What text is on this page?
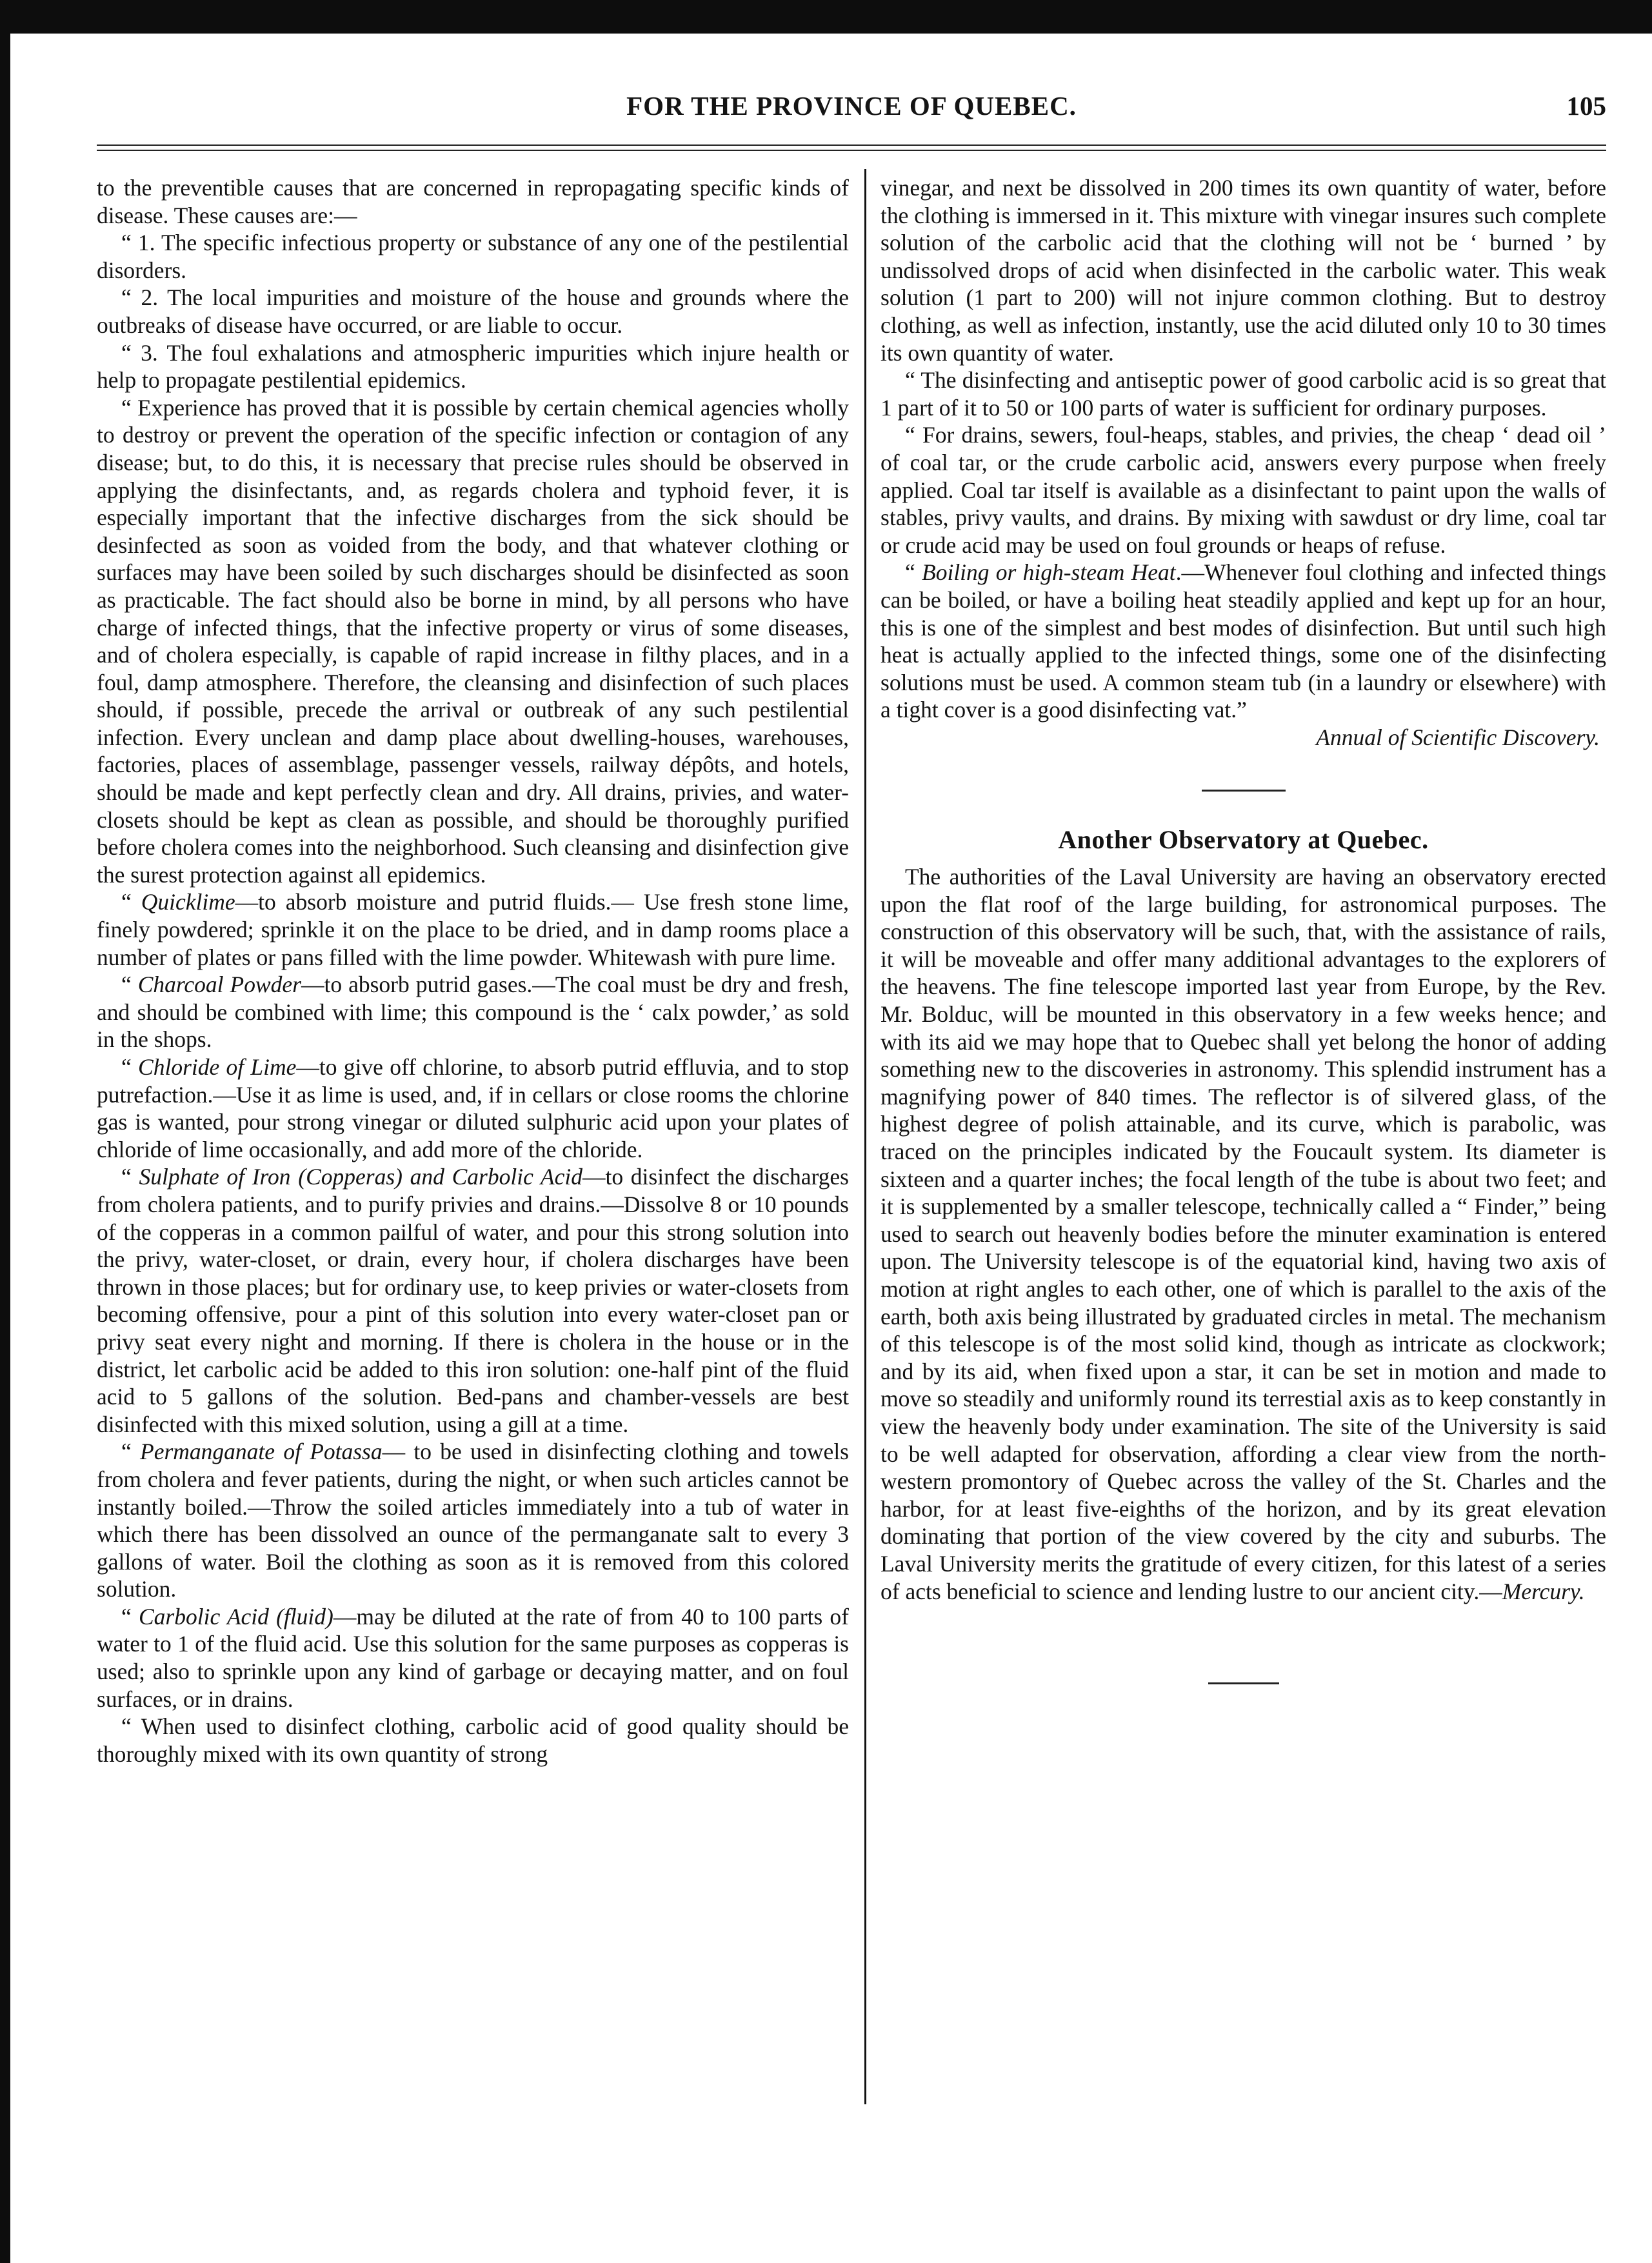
FOR THE PROVINCE OF QUEBEC.	105

to the preventible causes that are concerned in repropagating specific kinds of disease. These causes are:—

“ 1. The specific infectious property or substance of any one of the pestilential disorders.

“ 2. The local impurities and moisture of the house and grounds where the outbreaks of disease have occurred, or are liable to occur.

“ 3. The foul exhalations and atmospheric impurities which injure health or help to propagate pestilential epidemics.

“ Experience has proved that it is possible by certain chemical agencies wholly to destroy or prevent the operation of the specific infection or contagion of any disease; but, to do this, it is necessary that precise rules should be observed in applying the disinfectants, and, as regards cholera and typhoid fever, it is especially important that the infective discharges from the sick should be desinfected as soon as voided from the body, and that whatever clothing or surfaces may have been soiled by such discharges should be disinfected as soon as practicable. The fact should also be borne in mind, by all persons who have charge of infected things, that the infective property or virus of some diseases, and of cholera especially, is capable of rapid increase in filthy places, and in a foul, damp atmosphere. Therefore, the cleansing and disinfection of such places should, if possible, precede the arrival or outbreak of any such pestilential infection. Every unclean and damp place about dwelling-houses, warehouses, factories, places of assemblage, passenger vessels, railway dépôts, and hotels, should be made and kept perfectly clean and dry. All drains, privies, and water-closets should be kept as clean as possible, and should be thoroughly purified before cholera comes into the neighborhood. Such cleansing and disinfection give the surest protection against all epidemics.

“ Quicklime—to absorb moisture and putrid fluids.— Use fresh stone lime, finely powdered; sprinkle it on the place to be dried, and in damp rooms place a number of plates or pans filled with the lime powder. Whitewash with pure lime.

“ Charcoal Powder—to absorb putrid gases.—The coal must be dry and fresh, and should be combined with lime; this compound is the ‘ calx powder,’ as sold in the shops.

“ Chloride of Lime—to give off chlorine, to absorb putrid effluvia, and to stop putrefaction.—Use it as lime is used, and, if in cellars or close rooms the chlorine gas is wanted, pour strong vinegar or diluted sulphuric acid upon your plates of chloride of lime occasionally, and add more of the chloride.

“ Sulphate of Iron (Copperas) and Carbolic Acid—to disinfect the discharges from cholera patients, and to purify privies and drains.—Dissolve 8 or 10 pounds of the copperas in a common pailful of water, and pour this strong solution into the privy, water-closet, or drain, every hour, if cholera discharges have been thrown in those places; but for ordinary use, to keep privies or water-closets from becoming offensive, pour a pint of this solution into every water-closet pan or privy seat every night and morning. If there is cholera in the house or in the district, let carbolic acid be added to this iron solution: one-half pint of the fluid acid to 5 gallons of the solution. Bed-pans and chamber-vessels are best disinfected with this mixed solution, using a gill at a time.

“ Permanganate of Potassa— to be used in disinfecting clothing and towels from cholera and fever patients, during the night, or when such articles cannot be instantly boiled.—Throw the soiled articles immediately into a tub of water in which there has been dissolved an ounce of the permanganate salt to every 3 gallons of water. Boil the clothing as soon as it is removed from this colored solution.

“ Carbolic Acid (fluid)—may be diluted at the rate of from 40 to 100 parts of water to 1 of the fluid acid. Use this solution for the same purposes as copperas is used; also to sprinkle upon any kind of garbage or decaying matter, and on foul surfaces, or in drains.

“ When used to disinfect clothing, carbolic acid of good quality should be thoroughly mixed with its own quantity of strong

vinegar, and next be dissolved in 200 times its own quantity of water, before the clothing is immersed in it. This mixture with vinegar insures such complete solution of the carbolic acid that the clothing will not be ‘ burned ’ by undissolved drops of acid when disinfected in the carbolic water. This weak solution (1 part to 200) will not injure common clothing. But to destroy clothing, as well as infection, instantly, use the acid diluted only 10 to 30 times its own quantity of water.

“ The disinfecting and antiseptic power of good carbolic acid is so great that 1 part of it to 50 or 100 parts of water is sufficient for ordinary purposes.

“ For drains, sewers, foul-heaps, stables, and privies, the cheap ‘ dead oil ’ of coal tar, or the crude carbolic acid, answers every purpose when freely applied. Coal tar itself is available as a disinfectant to paint upon the walls of stables, privy vaults, and drains. By mixing with sawdust or dry lime, coal tar or crude acid may be used on foul grounds or heaps of refuse.

“ Boiling or high-steam Heat.—Whenever foul clothing and infected things can be boiled, or have a boiling heat steadily applied and kept up for an hour, this is one of the simplest and best modes of disinfection. But until such high heat is actually applied to the infected things, some one of the disinfecting solutions must be used. A common steam tub (in a laundry or elsewhere) with a tight cover is a good disinfecting vat.”

Annual of Scientific Discovery.

Another Observatory at Quebec.

The authorities of the Laval University are having an observatory erected upon the flat roof of the large building, for astronomical purposes. The construction of this observatory will be such, that, with the assistance of rails, it will be moveable and offer many additional advantages to the explorers of the heavens. The fine telescope imported last year from Europe, by the Rev. Mr. Bolduc, will be mounted in this observatory in a few weeks hence; and with its aid we may hope that to Quebec shall yet belong the honor of adding something new to the discoveries in astronomy. This splendid instrument has a magnifying power of 840 times. The reflector is of silvered glass, of the highest degree of polish attainable, and its curve, which is parabolic, was traced on the principles indicated by the Foucault system. Its diameter is sixteen and a quarter inches; the focal length of the tube is about two feet; and it is supplemented by a smaller telescope, technically called a “ Finder,” being used to search out heavenly bodies before the minuter examination is entered upon. The University telescope is of the equatorial kind, having two axis of motion at right angles to each other, one of which is parallel to the axis of the earth, both axis being illustrated by graduated circles in metal. The mechanism of this telescope is of the most solid kind, though as intricate as clockwork; and by its aid, when fixed upon a star, it can be set in motion and made to move so steadily and uniformly round its terrestial axis as to keep constantly in view the heavenly body under examination. The site of the University is said to be well adapted for observation, affording a clear view from the north-western promontory of Quebec across the valley of the St. Charles and the harbor, for at least five-eighths of the horizon, and by its great elevation dominating that portion of the view covered by the city and suburbs. The Laval University merits the gratitude of every citizen, for this latest of a series of acts beneficial to science and lending lustre to our ancient city.—Mercury.
